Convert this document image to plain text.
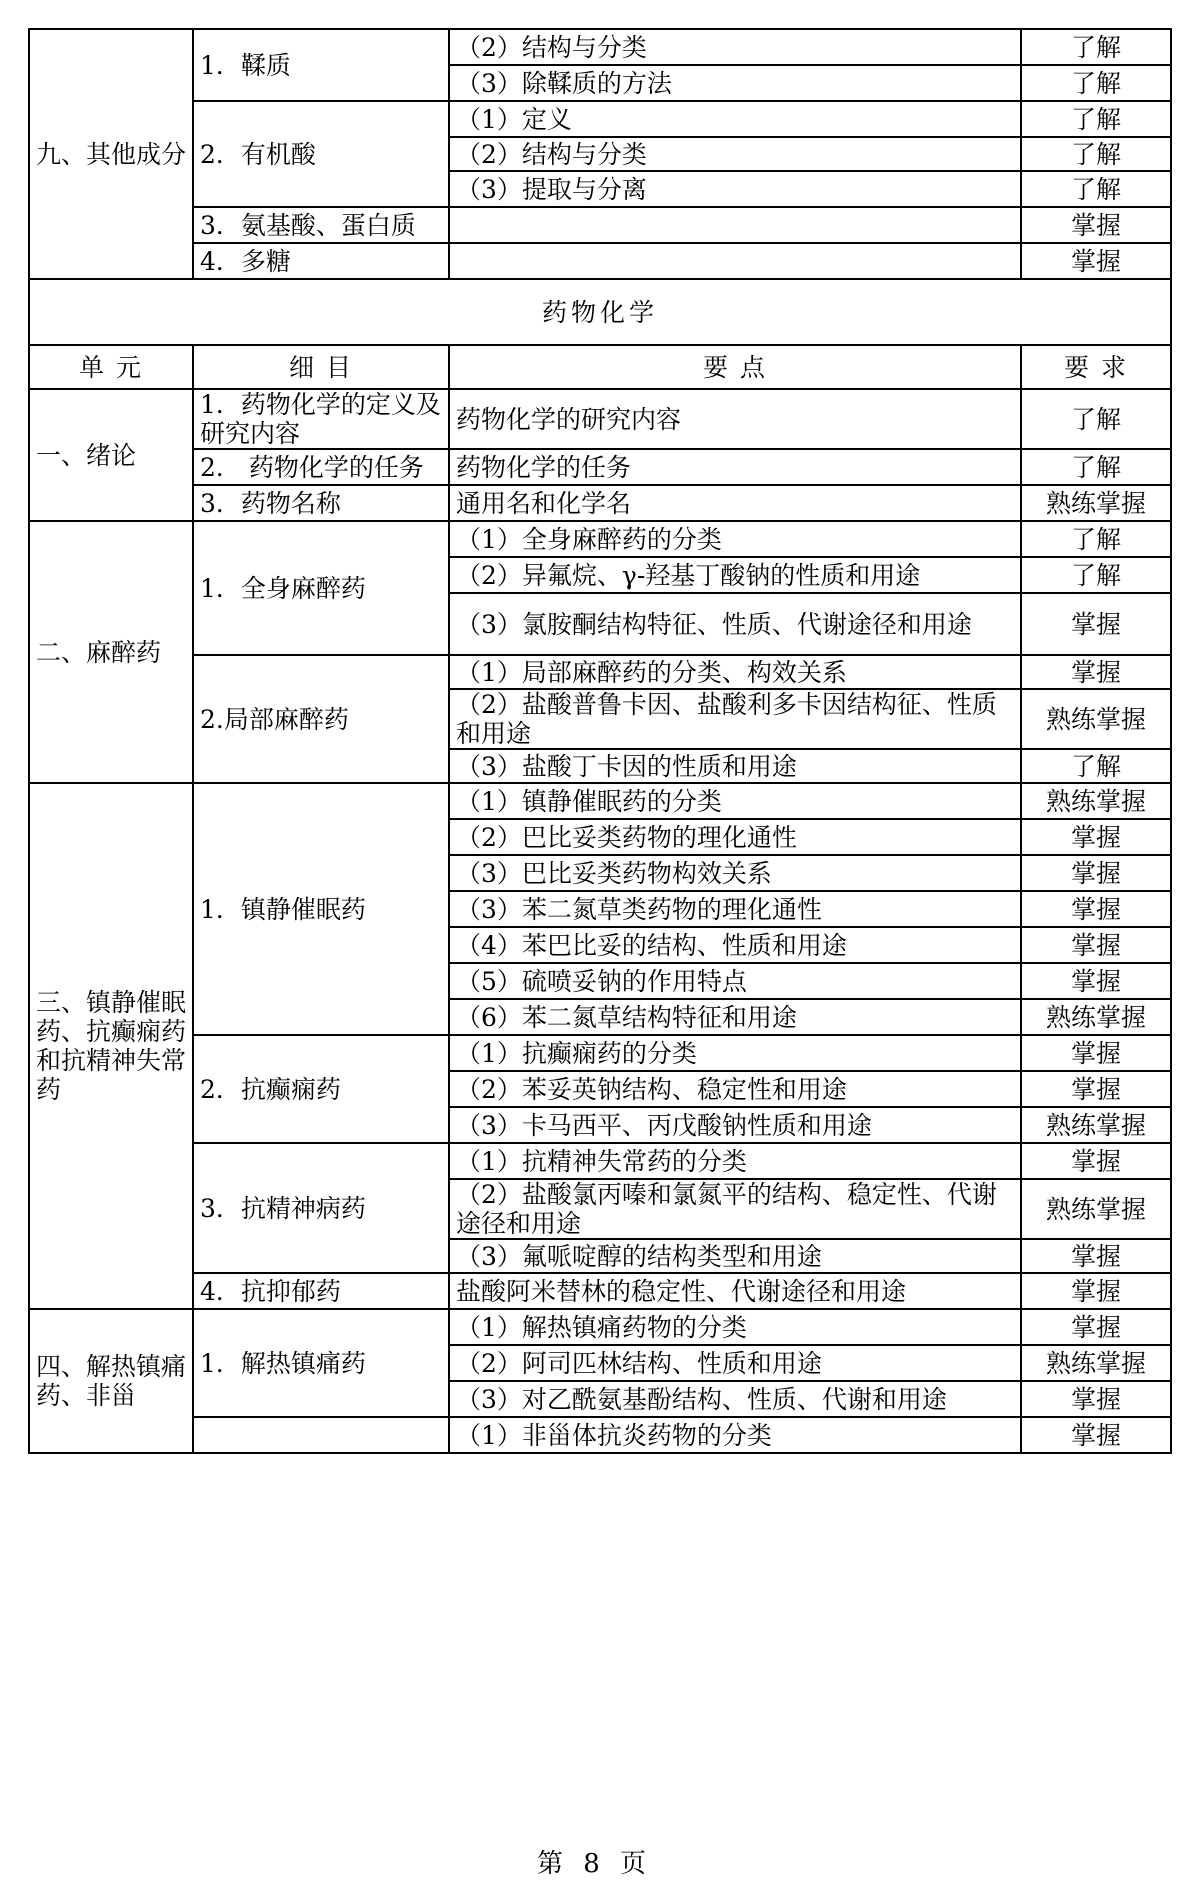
九、其他成分	1．鞣质	（2）结构与分类	了解
		（3）除鞣质的方法	了解
	2．有机酸	（1）定义	了解
		（2）结构与分类	了解
		（3）提取与分离	了解
	3．氨基酸、蛋白质		掌握
	4．多糖		掌握
药物化学			
单 元	细 目	要 点	要 求
一、绪论	1．药物化学的定义及研究内容	药物化学的研究内容	了解
	2． 药物化学的任务	药物化学的任务	了解
	3．药物名称	通用名和化学名	熟练掌握
二、麻醉药	1．全身麻醉药	（1）全身麻醉药的分类	了解
		（2）异氟烷、γ-羟基丁酸钠的性质和用途	了解
		（3）氯胺酮结构特征、性质、代谢途径和用途	掌握
	2.局部麻醉药	（1）局部麻醉药的分类、构效关系	掌握
		（2）盐酸普鲁卡因、盐酸利多卡因结构征、性质和用途	熟练掌握
		（3）盐酸丁卡因的性质和用途	了解
三、镇静催眠药、抗癫痫药和抗精神失常药	1．镇静催眠药	（1）镇静催眠药的分类	熟练掌握
		（2）巴比妥类药物的理化通性	掌握
		（3）巴比妥类药物构效关系	掌握
		（3）苯二氮草类药物的理化通性	掌握
		（4）苯巴比妥的结构、性质和用途	掌握
		（5）硫喷妥钠的作用特点	掌握
		（6）苯二氮草结构特征和用途	熟练掌握
	2．抗癫痫药	（1）抗癫痫药的分类	掌握
		（2）苯妥英钠结构、稳定性和用途	掌握
		（3）卡马西平、丙戊酸钠性质和用途	熟练掌握
	3．抗精神病药	（1）抗精神失常药的分类	掌握
		（2）盐酸氯丙嗪和氯氮平的结构、稳定性、代谢途径和用途	熟练掌握
		（3）氟哌啶醇的结构类型和用途	掌握
	4．抗抑郁药	盐酸阿米替林的稳定性、代谢途径和用途	掌握
四、解热镇痛药、非甾	1．解热镇痛药	（1）解热镇痛药物的分类	掌握
		（2）阿司匹林结构、性质和用途	熟练掌握
		（3）对乙酰氨基酚结构、性质、代谢和用途	掌握
		（1）非甾体抗炎药物的分类	掌握
第 8 页
